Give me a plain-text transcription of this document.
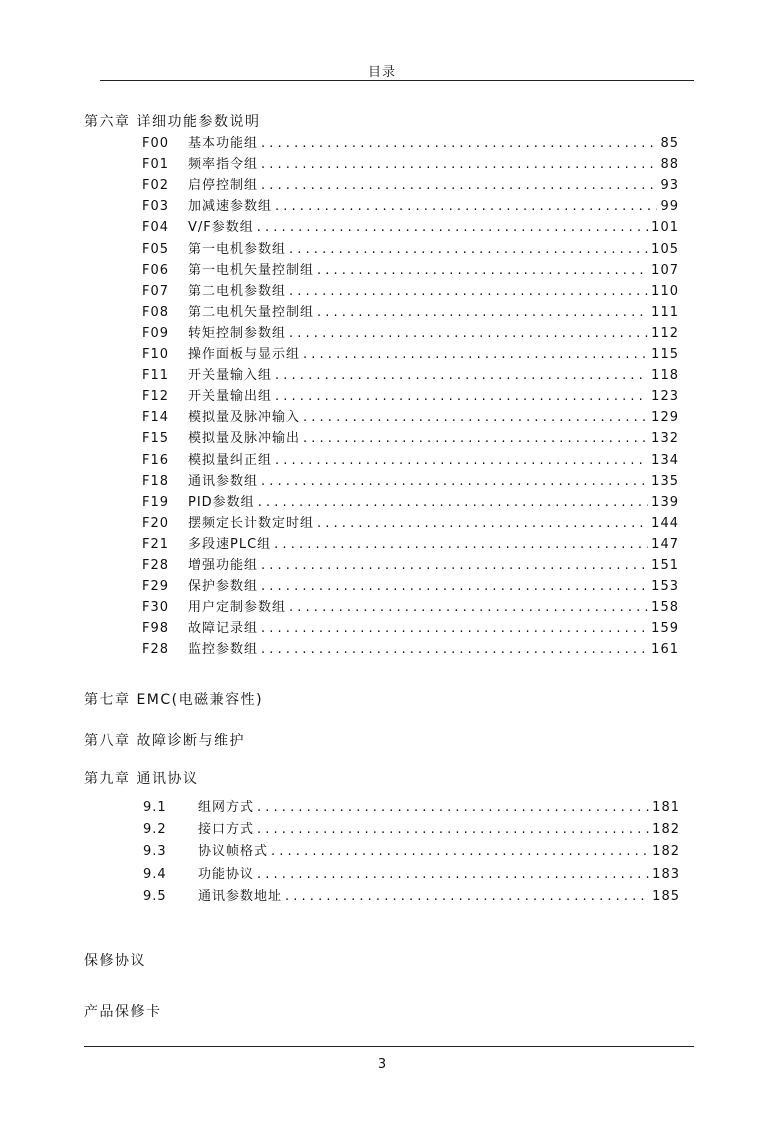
目录
第六章 详细功能参数说明
F00	基本功能组 . . .	85
F01	频率指令组 . . .	88
F02	启停控制组 . . .	93
F03	加减速参数组 . . .	99
F04	V/F参数组 . . .	101
F05	第一电机参数组 . . .	105
F06	第一电机矢量控制组 . . .	107
F07	第二电机参数组 . . .	110
F08	第二电机矢量控制组 . . .	111
F09	转矩控制参数组 . . .	112
F10	操作面板与显示组 . . .	115
F11	开关量输入组 . . .	118
F12	开关量输出组 . . .	123
F14	模拟量及脉冲输入 . . .	129
F15	模拟量及脉冲输出 . . .	132
F16	模拟量纠正组 . . .	134
F18	通讯参数组 . . .	135
F19	PID参数组 . . .	139
F20	摆频定长计数定时组 . . .	144
F21	多段速PLC组 . . .	147
F28	增强功能组 . . .	151
F29	保护参数组 . . .	153
F30	用户定制参数组 . . .	158
F98	故障记录组 . . .	159
F28	监控参数组 . . .	161
第七章 EMC(电磁兼容性)
第八章 故障诊断与维护
第九章 通讯协议
9.1	组网方式 . . .	181
9.2	接口方式 . . .	182
9.3	协议帧格式 . . .	182
9.4	功能协议 . . .	183
9.5	通讯参数地址 . . .	185
保修协议
产品保修卡
3
